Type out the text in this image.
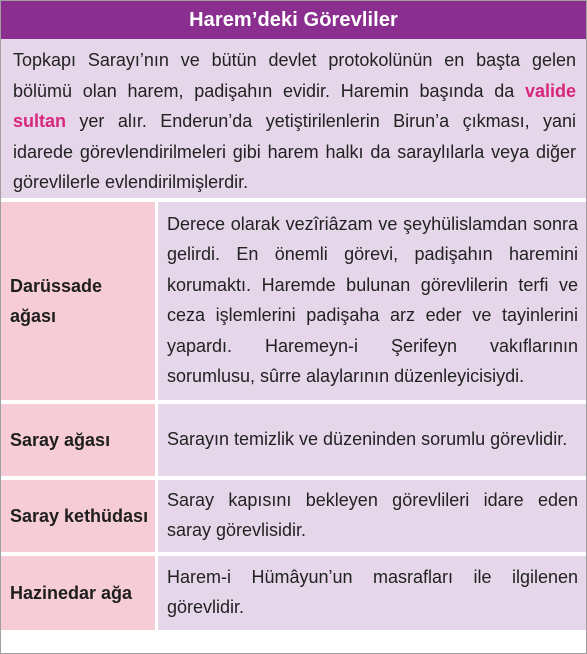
Harem’deki Görevliler
Topkapı Sarayı’nın ve bütün devlet protokolünün en başta gelen bölümü olan harem, padişahın evidir. Haremin başında da valide sultan yer alır. Enderun’da yetiştirilenlerin Birun’a çıkması, yani idarede görevlendirilmeleri gibi harem halkı da saraylılarla veya diğer görevlilerle evlendirilmişlerdir.
Darüssade ağası	Derece olarak vezîriâzam ve şeyhülislamdan sonra gelirdi. En önemli görevi, padişahın haremini korumaktı. Haremde bulunan görevlilerin terfi ve ceza işlemlerini padişaha arz eder ve tayinlerini yapardı. Haremeyn-i Şerifeyn vakıflarının sorumlusu, sûrre alaylarının düzenleyicisiydi.
Saray ağası	Sarayın temizlik ve düzeninden sorumlu görevlidir.
Saray kethüdası	Saray kapısını bekleyen görevlileri idare eden saray görevlisidir.
Hazinedar ağa	Harem-i Hümâyun’un masrafları ile ilgilenen görevlidir.
